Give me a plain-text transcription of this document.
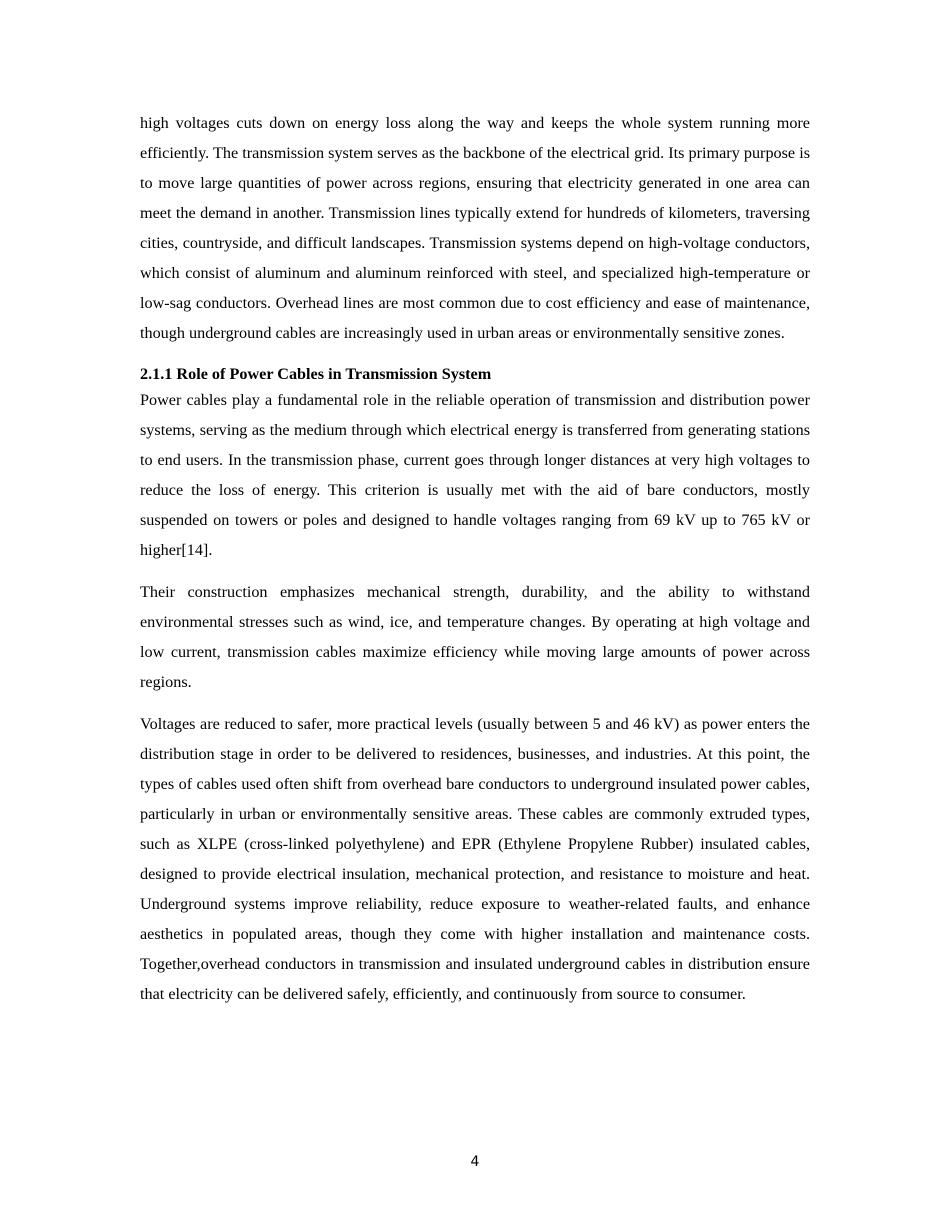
high voltages cuts down on energy loss along the way and keeps the whole system running more efficiently. The transmission system serves as the backbone of the electrical grid. Its primary purpose is to move large quantities of power across regions, ensuring that electricity generated in one area can meet the demand in another. Transmission lines typically extend for hundreds of kilometers, traversing cities, countryside, and difficult landscapes. Transmission systems depend on high-voltage conductors, which consist of aluminum and aluminum reinforced with steel, and specialized high-temperature or low-sag conductors. Overhead lines are most common due to cost efficiency and ease of maintenance, though underground cables are increasingly used in urban areas or environmentally sensitive zones.

2.1.1 Role of Power Cables in Transmission System

Power cables play a fundamental role in the reliable operation of transmission and distribution power systems, serving as the medium through which electrical energy is transferred from generating stations to end users. In the transmission phase, current goes through longer distances at very high voltages to reduce the loss of energy. This criterion is usually met with the aid of bare conductors, mostly suspended on towers or poles and designed to handle voltages ranging from 69 kV up to 765 kV or higher[14].

Their construction emphasizes mechanical strength, durability, and the ability to withstand environmental stresses such as wind, ice, and temperature changes. By operating at high voltage and low current, transmission cables maximize efficiency while moving large amounts of power across regions.

Voltages are reduced to safer, more practical levels (usually between 5 and 46 kV) as power enters the distribution stage in order to be delivered to residences, businesses, and industries. At this point, the types of cables used often shift from overhead bare conductors to underground insulated power cables, particularly in urban or environmentally sensitive areas. These cables are commonly extruded types, such as XLPE (cross-linked polyethylene) and EPR (Ethylene Propylene Rubber) insulated cables, designed to provide electrical insulation, mechanical protection, and resistance to moisture and heat. Underground systems improve reliability, reduce exposure to weather-related faults, and enhance aesthetics in populated areas, though they come with higher installation and maintenance costs. Together,overhead conductors in transmission and insulated underground cables in distribution ensure that electricity can be delivered safely, efficiently, and continuously from source to consumer.

4
